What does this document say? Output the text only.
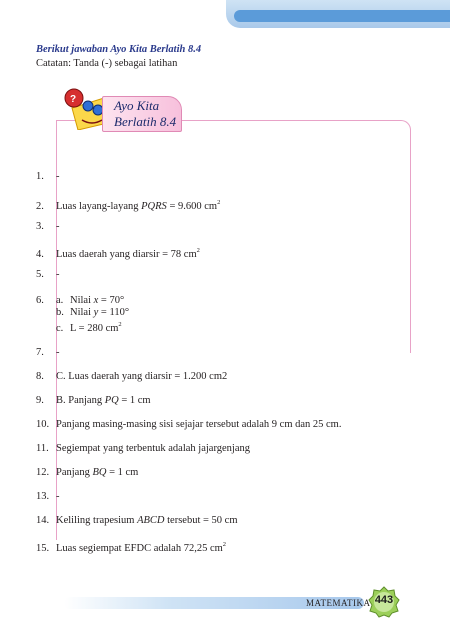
Berikut jawaban Ayo Kita Berlatih 8.4
Catatan: Tanda (-) sebagai latihan
?	Ayo Kita
Berlatih 8.4
1. -
2. Luas layang-layang PQRS = 9.600 $cm^2$
3. -
4. Luas daerah yang diarsir = 78 $cm^2$
5. -
6.	a. Nilai x = 70°
b. Nilai y = 110°
c. L = 280 $cm^2$
7. -
8. C. Luas daerah yang diarsir = 1.200 cm2
9. B. Panjang PQ = 1 cm
10. Panjang masing-masing sisi sejajar tersebut adalah 9 cm dan 25 cm.
11. Segiempat yang terbentuk adalah jajargenjang
12. Panjang BQ = 1 cm
13. -
14. Keliling trapesium ABCD tersebut = 50 cm
15. Luas segiempat EFDC adalah 72,25 $cm^2$
MATEMATIKA 443
